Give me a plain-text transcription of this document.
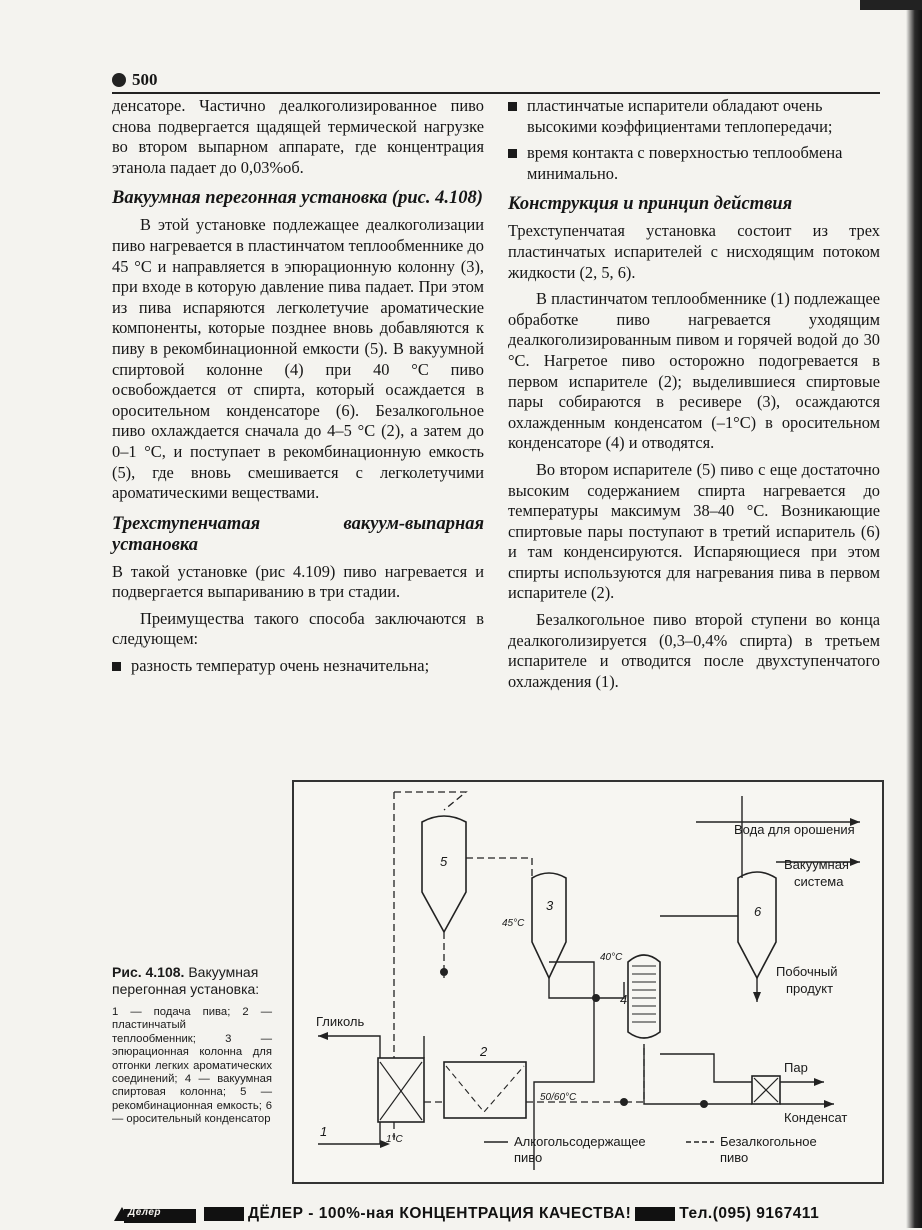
500

денсаторе. Частично деалкоголизированное пиво снова подвергается щадящей термической нагрузке во втором выпарном аппарате, где концентрация этанола падает до 0,03%об.

Вакуумная перегонная установка (рис. 4.108)

В этой установке подлежащее деалкоголизации пиво нагревается в пластинчатом теплообменнике до 45 °С и направляется в эпюрационную колонну (3), при входе в которую давление пива падает. При этом из пива испаряются легколетучие ароматические компоненты, которые позднее вновь добавляются к пиву в рекомбинационной емкости (5). В вакуумной спиртовой колонне (4) при 40 °С пиво освобождается от спирта, который осаждается в оросительном конденсаторе (6). Безалкогольное пиво охлаждается сначала до 4–5 °С (2), а затем до 0–1 °С, и поступает в рекомбинационную емкость (5), где вновь смешивается с легколетучими ароматическими веществами.

Трехступенчатая вакуум-выпарная установка

В такой установке (рис 4.109) пиво нагревается и подвергается выпариванию в три стадии.

Преимущества такого способа заключаются в следующем:

разность температур очень незначительна;
пластинчатые испарители обладают очень высокими коэффициентами теплопередачи;
время контакта с поверхностью теплообмена минимально.
Конструкция и принцип действия

Трехступенчатая установка состоит из трех пластинчатых испарителей с нисходящим потоком жидкости (2, 5, 6).

В пластинчатом теплообменнике (1) подлежащее обработке пиво нагревается уходящим деалкоголизированным пивом и горячей водой до 30 °С. Нагретое пиво осторожно подогревается в первом испарителе (2); выделившиеся спиртовые пары собираются в ресивере (3), осаждаются охлажденным конденсатом (–1°С) в оросительном конденсаторе (4) и отводятся.

Во втором испарителе (5) пиво с еще достаточно высоким содержанием спирта нагревается до температуры максимум 38–40 °С. Возникающие спиртовые пары поступают в третий испаритель (6) и там конденсируются. Испаряющиеся при этом спирты используются для нагревания пива в первом испарителе (2).

Безалкогольное пиво второй ступени во конца деалкоголизируется (0,3–0,4% спирта) в третьем испарителе и отводится после двухступенчатого охлаждения (1).

Вода для орошения
Вакуумная
система
Побочный
продукт
Гликоль
Пар
Конденсат
Алкогольсодержащее
пиво
Безалкогольное
пиво
1
2
3
4
5
6
45°C
40°C
50/60°C
1°C
Рис. 4.108. Вакуумная перегонная установка:
1 — подача пива; 2 — пластинчатый теплообменник; 3 — эпюрационная колонна для отгонки легких ароматических соединений; 4 — вакуумная спиртовая колонна; 5 — рекомбинационная емкость; 6 — оросительный конденсатор
Дёлер	ДЁЛЕР - 100%-ная КОНЦЕНТРАЦИЯ КАЧЕСТВА!	Тел.(095) 9167411
